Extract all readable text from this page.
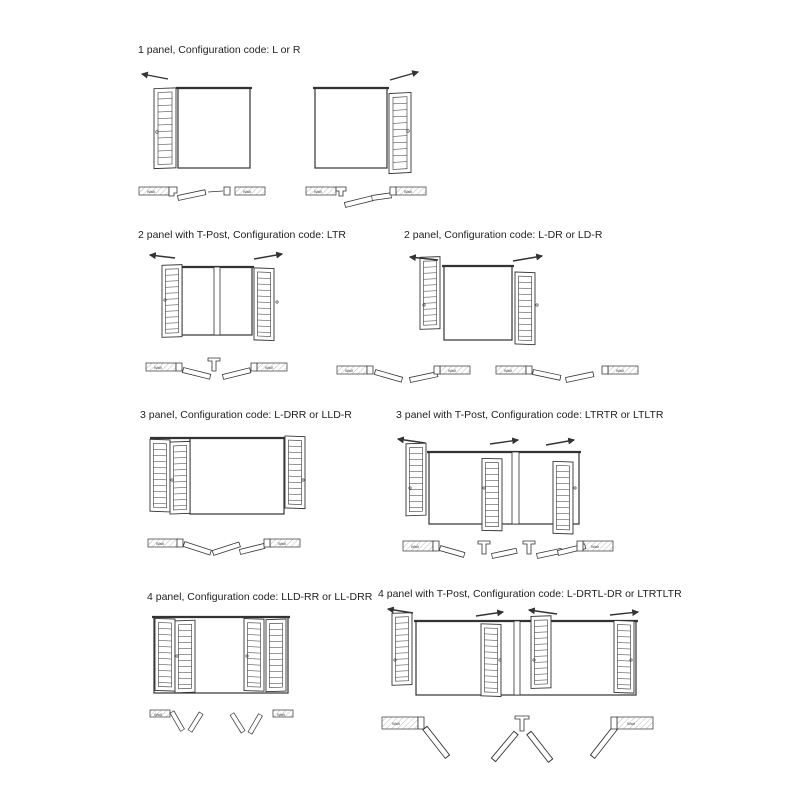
1 panel, Configuration code: L or R
2 panel with T-Post, Configuration code: LTR	2 panel, Configuration code: L-DR or LD-R
3 panel, Configuration code: L-DRR or LLD-R	3 panel with T-Post, Configuration code: LTRTR or LTLTR
4 panel, Configuration code: LLD-RR or LL-DRR 4 panel with T-Post, Configuration code: L-DRTL-DR or LTRTLTR
Wall	Wall	Wall	Wall
Wall	Wall
Wall	Wall	Wall	Wall
Wall	Wall
Wall	Wall
Wall	Wall
Wall	Wall
